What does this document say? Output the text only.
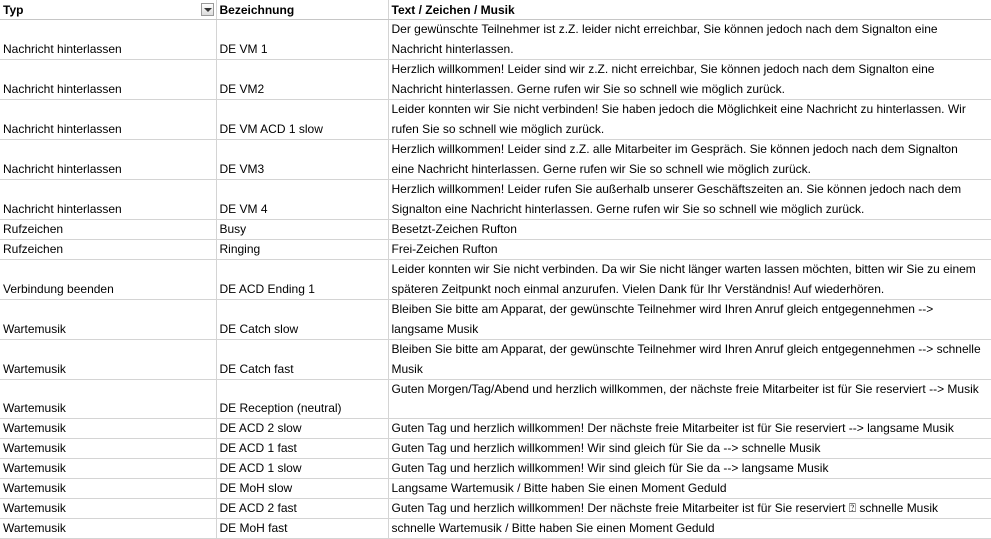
Typ	Bezeichnung	Text / Zeichen / Musik
Nachricht hinterlassen	DE VM 1	Der gewünschte Teilnehmer ist z.Z. leider nicht erreichbar, Sie können jedoch nach dem Signalton eine Nachricht hinterlassen.
Nachricht hinterlassen	DE VM2	Herzlich willkommen! Leider sind wir z.Z. nicht erreichbar, Sie können jedoch nach dem Signalton eine Nachricht hinterlassen. Gerne rufen wir Sie so schnell wie möglich zurück.
Nachricht hinterlassen	DE VM ACD 1 slow	Leider konnten wir Sie nicht verbinden! Sie haben jedoch die Möglichkeit eine Nachricht zu hinterlassen. Wir rufen Sie so schnell wie möglich zurück.
Nachricht hinterlassen	DE VM3	Herzlich willkommen! Leider sind z.Z. alle Mitarbeiter im Gespräch. Sie können jedoch nach dem Signalton eine Nachricht hinterlassen. Gerne rufen wir Sie so schnell wie möglich zurück.
Nachricht hinterlassen	DE VM 4	Herzlich willkommen! Leider rufen Sie außerhalb unserer Geschäftszeiten an. Sie können jedoch nach dem Signalton eine Nachricht hinterlassen. Gerne rufen wir Sie so schnell wie möglich zurück.
Rufzeichen	Busy	Besetzt-Zeichen Rufton
Rufzeichen	Ringing	Frei-Zeichen Rufton
Verbindung beenden	DE ACD Ending 1	Leider konnten wir Sie nicht verbinden. Da wir Sie nicht länger warten lassen möchten, bitten wir Sie zu einem späteren Zeitpunkt noch einmal anzurufen. Vielen Dank für Ihr Verständnis! Auf wiederhören.
Wartemusik	DE Catch slow	Bleiben Sie bitte am Apparat, der gewünschte Teilnehmer wird Ihren Anruf gleich entgegennehmen --> langsame Musik
Wartemusik	DE Catch fast	Bleiben Sie bitte am Apparat, der gewünschte Teilnehmer wird Ihren Anruf gleich entgegennehmen --> schnelle Musik
Wartemusik	DE Reception (neutral)	Guten Morgen/Tag/Abend und herzlich willkommen, der nächste freie Mitarbeiter ist für Sie reserviert --> Musik
Wartemusik	DE ACD 2 slow	Guten Tag und herzlich willkommen! Der nächste freie Mitarbeiter ist für Sie reserviert --> langsame Musik
Wartemusik	DE ACD 1 fast	Guten Tag und herzlich willkommen! Wir sind gleich für Sie da --> schnelle Musik
Wartemusik	DE ACD 1 slow	Guten Tag und herzlich willkommen! Wir sind gleich für Sie da --> langsame Musik
Wartemusik	DE MoH slow	Langsame Wartemusik / Bitte haben Sie einen Moment Geduld
Wartemusik	DE ACD 2 fast	Guten Tag und herzlich willkommen! Der nächste freie Mitarbeiter ist für Sie reserviert ⍰ schnelle Musik
Wartemusik	DE MoH fast	schnelle Wartemusik / Bitte haben Sie einen Moment Geduld
